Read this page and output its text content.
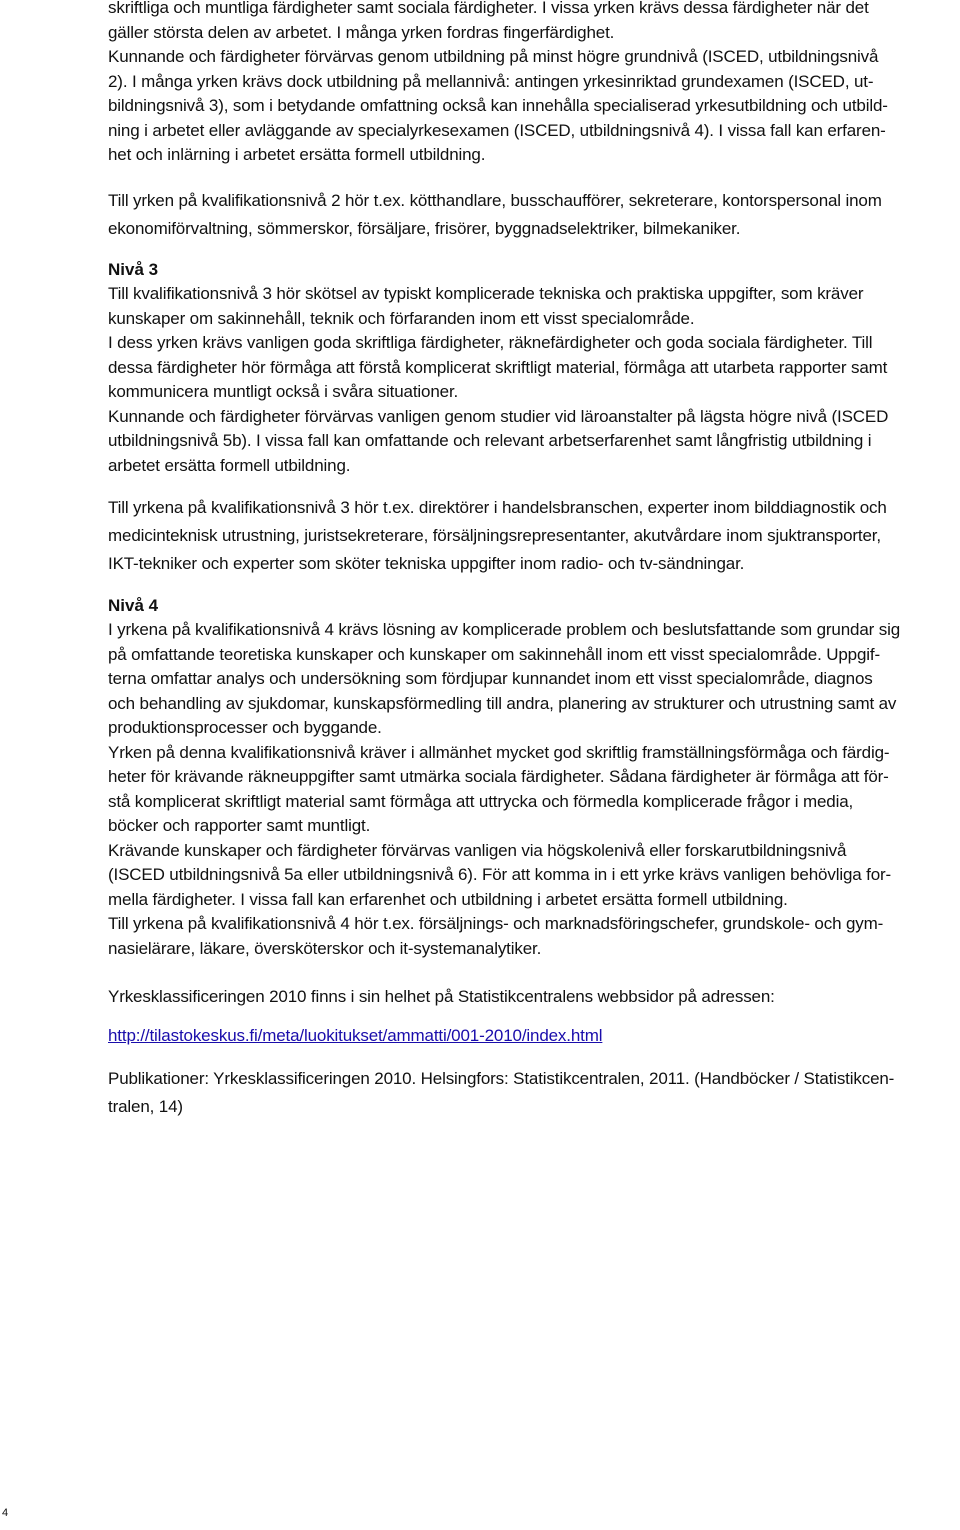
skriftliga och muntliga färdigheter samt sociala färdigheter. I vissa yrken krävs dessa färdigheter när det

gäller största delen av arbetet. I många yrken fordras fingerfärdighet.

Kunnande och färdigheter förvärvas genom utbildning på minst högre grundnivå (ISCED, utbildningsnivå

2). I många yrken krävs dock utbildning på mellannivå: antingen yrkesinriktad grundexamen (ISCED, ut-

bildningsnivå 3), som i betydande omfattning också kan innehålla specialiserad yrkesutbildning och utbild-

ning i arbetet eller avläggande av specialyrkesexamen (ISCED, utbildningsnivå 4). I vissa fall kan erfaren-

het och inlärning i arbetet ersätta formell utbildning.

Till yrken på kvalifikationsnivå 2 hör t.ex. kötthandlare, busschaufförer, sekreterare, kontorspersonal inom

ekonomiförvaltning, sömmerskor, försäljare, frisörer, byggnadselektriker, bilmekaniker.

Nivå 3

Till kvalifikationsnivå 3 hör skötsel av typiskt komplicerade tekniska och praktiska uppgifter, som kräver

kunskaper om sakinnehåll, teknik och förfaranden inom ett visst specialområde.

I dess yrken krävs vanligen goda skriftliga färdigheter, räknefärdigheter och goda sociala färdigheter. Till

dessa färdigheter hör förmåga att förstå komplicerat skriftligt material, förmåga att utarbeta rapporter samt

kommunicera muntligt också i svåra situationer.

Kunnande och färdigheter förvärvas vanligen genom studier vid läroanstalter på lägsta högre nivå (ISCED

utbildningsnivå 5b). I vissa fall kan omfattande och relevant arbetserfarenhet samt långfristig utbildning i

arbetet ersätta formell utbildning.

Till yrkena på kvalifikationsnivå 3 hör t.ex. direktörer i handelsbranschen, experter inom bilddiagnostik och

medicinteknisk utrustning, juristsekreterare, försäljningsrepresentanter, akutvårdare inom sjuktransporter,

IKT-tekniker och experter som sköter tekniska uppgifter inom radio- och tv-sändningar.

Nivå 4

I yrkena på kvalifikationsnivå 4 krävs lösning av komplicerade problem och beslutsfattande som grundar sig

på omfattande teoretiska kunskaper och kunskaper om sakinnehåll inom ett visst specialområde. Uppgif-

terna omfattar analys och undersökning som fördjupar kunnandet inom ett visst specialområde, diagnos

och behandling av sjukdomar, kunskapsförmedling till andra, planering av strukturer och utrustning samt av

produktionsprocesser och byggande.

Yrken på denna kvalifikationsnivå kräver i allmänhet mycket god skriftlig framställningsförmåga och färdig-

heter för krävande räkneuppgifter samt utmärka sociala färdigheter. Sådana färdigheter är förmåga att för-

stå komplicerat skriftligt material samt förmåga att uttrycka och förmedla komplicerade frågor i media,

böcker och rapporter samt muntligt.

Krävande kunskaper och färdigheter förvärvas vanligen via högskolenivå eller forskarutbildningsnivå

(ISCED utbildningsnivå 5a eller utbildningsnivå 6). För att komma in i ett yrke krävs vanligen behövliga for-

mella färdigheter. I vissa fall kan erfarenhet och utbildning i arbetet ersätta formell utbildning.

Till yrkena på kvalifikationsnivå 4 hör t.ex. försäljnings- och marknadsföringschefer, grundskole- och gym-

nasielärare, läkare, översköterskor och it-systemanalytiker.

Yrkesklassificeringen 2010 finns i sin helhet på Statistikcentralens webbsidor på adressen:

http://tilastokeskus.fi/meta/luokitukset/ammatti/001-2010/index.html

Publikationer: Yrkesklassificeringen 2010. Helsingfors: Statistikcentralen, 2011. (Handböcker / Statistikcen-

tralen, 14)

4
